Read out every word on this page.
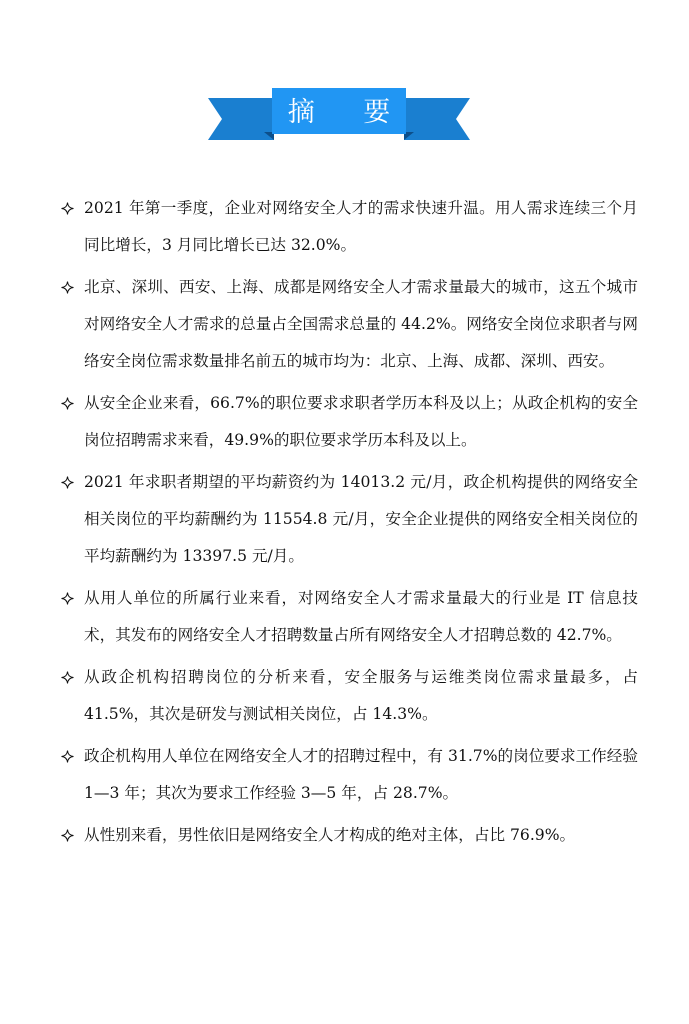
摘 要
2021 年第一季度，企业对网络安全人才的需求快速升温。用人需求连续三个月同比增长，3 月同比增长已达 32.0%。
北京、深圳、西安、上海、成都是网络安全人才需求量最大的城市，这五个城市对网络安全人才需求的总量占全国需求总量的 44.2%。网络安全岗位求职者与网络安全岗位需求数量排名前五的城市均为：北京、上海、成都、深圳、西安。
从安全企业来看，66.7%的职位要求求职者学历本科及以上；从政企机构的安全岗位招聘需求来看，49.9%的职位要求学历本科及以上。
2021 年求职者期望的平均薪资约为 14013.2 元/月，政企机构提供的网络安全相关岗位的平均薪酬约为 11554.8 元/月，安全企业提供的网络安全相关岗位的平均薪酬约为 13397.5 元/月。
从用人单位的所属行业来看，对网络安全人才需求量最大的行业是 IT 信息技术，其发布的网络安全人才招聘数量占所有网络安全人才招聘总数的 42.7%。
从政企机构招聘岗位的分析来看，安全服务与运维类岗位需求量最多，占 41.5%，其次是研发与测试相关岗位，占 14.3%。
政企机构用人单位在网络安全人才的招聘过程中，有 31.7%的岗位要求工作经验 1—3 年；其次为要求工作经验 3—5 年，占 28.7%。
从性别来看，男性依旧是网络安全人才构成的绝对主体，占比 76.9%。
